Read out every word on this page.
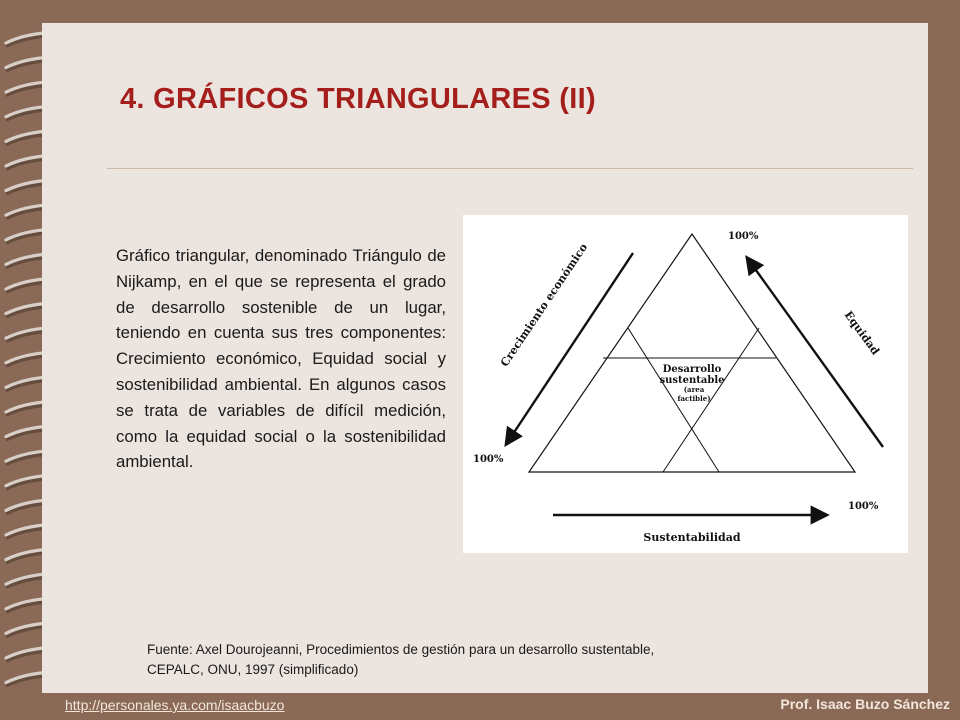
4. GRÁFICOS TRIANGULARES (II)

Gráfico triangular, denominado Triángulo de Nijkamp, en el que se representa el grado de desarrollo sostenible de un lugar, teniendo en cuenta sus tres componentes: Crecimiento económico, Equidad social y sostenibilidad ambiental. En algunos casos se trata de variables de difícil medición, como la equidad social o la sostenibilidad ambiental.

Crecimiento económico	Equidad
Sustentabilidad
100%
100%
100%
Desarrollo
sustentable
(area
factible)

Fuente: Axel Dourojeanni, Procedimientos de gestión para un desarrollo sustentable, CEPALC, ONU, 1997 (simplificado)

http://personales.ya.com/isaacbuzo	Prof. Isaac Buzo Sánchez
